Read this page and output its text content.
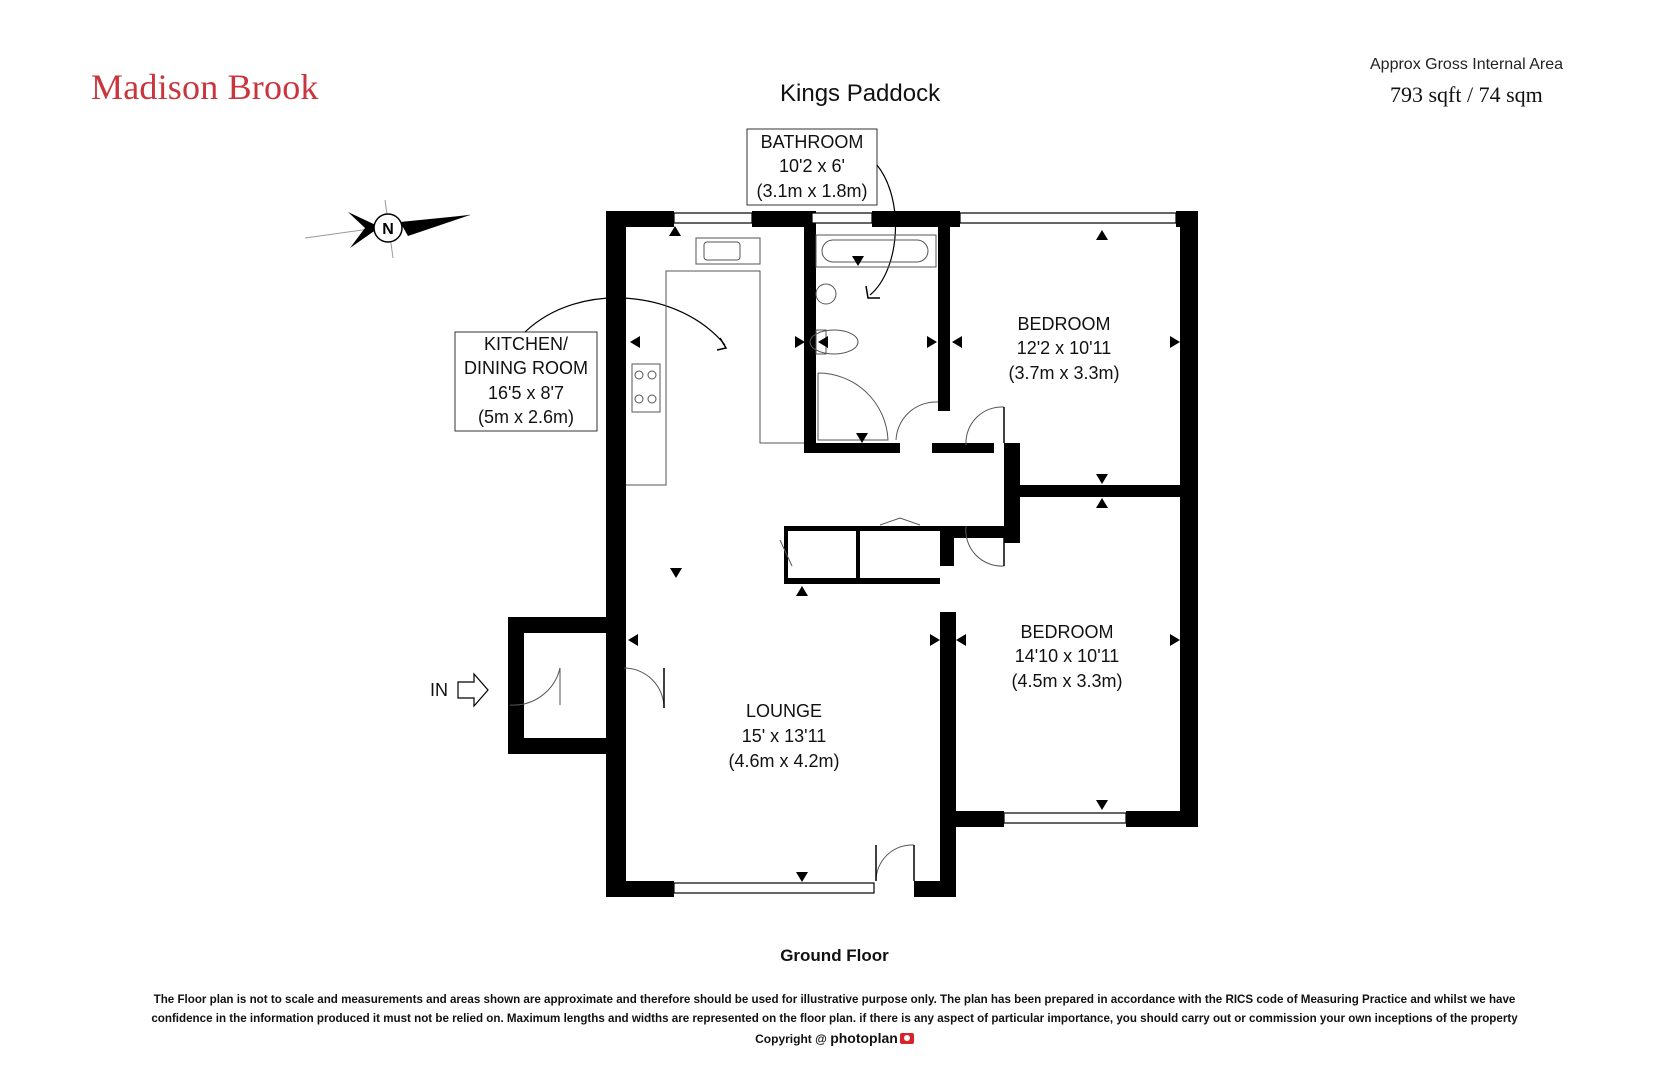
Madison Brook	Kings Paddock
Approx Gross Internal Area
793 sqft / 74 sqm
N
IN
BATHROOM
10'2 x 6'
(3.1m x 1.8m)
KITCHEN/
DINING ROOM
16'5 x 8'7
(5m x 2.6m)
BEDROOM
12'2 x 10'11
(3.7m x 3.3m)
BEDROOM
14'10 x 10'11
(4.5m x 3.3m)
LOUNGE
15' x 13'11
(4.6m x 4.2m)
Ground Floor
The Floor plan is not to scale and measurements and areas shown are approximate and therefore should be used for illustrative purpose only. The plan has been prepared in accordance with the RICS code of Measuring Practice and whilst we have
confidence in the information produced it must not be relied on. Maximum lengths and widths are represented on the floor plan. if there is any aspect of particular importance, you should carry out or commission your own inceptions of the property
Copyright @ photoplan
